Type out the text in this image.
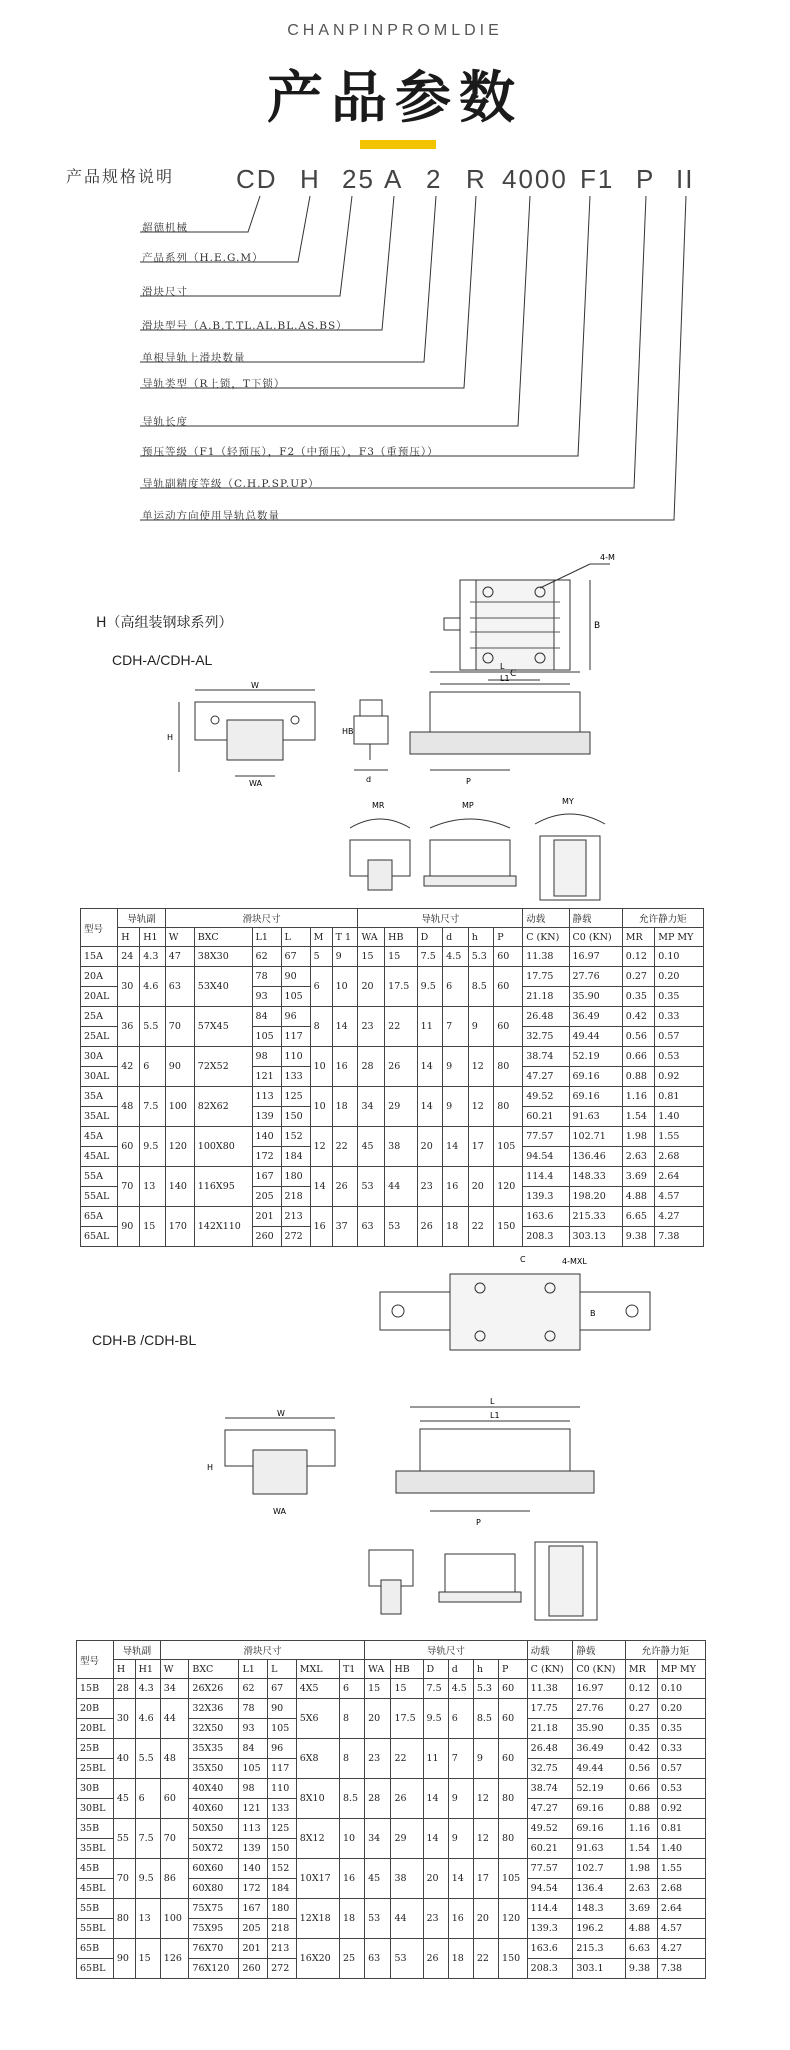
CHANPINPROMLDIE
产品参数
产品规格说明 CD H 25 A 2 R 4000 F1 P II
超德机械
产品系列（H.E.G.M）
滑块尺寸
滑块型号（A.B.T.TL.AL.BL.AS.BS）
单根导轨上滑块数量
导轨类型（R上锁，T下锁）
导轨长度
预压等级（F1（轻预压），F2（中预压），F3（重预压））
导轨副精度等级（C.H.P.SP.UP）
单运动方向使用导轨总数量
H（高组装钢球系列）
CDH-A/CDH-AL
4-M
B
C
W
H
WA
HB
d
L
L1
P
MR	MP	MY
型号	导轨副		滑块尺寸						导轨尺寸						动载	静载	允许静力矩	
	H	H1	W	BXC	L1	L	M	T 1	WA	HB	D	d	h	P	C (KN)	C0 (KN)	MR	MP MY
15A	24	4.3	47	38X30	62	67	5	9	15	15	7.5	4.5	5.3	60	11.38	16.97	0.12	0.10
20A	30	4.6	63	53X40	78	90	6	10	20	17.5	9.5	6	8.5	60	17.75	27.76	0.27	0.20
20AL					93	105									21.18	35.90	0.35	0.35
25A	36	5.5	70	57X45	84	96	8	14	23	22	11	7	9	60	26.48	36.49	0.42	0.33
25AL					105	117									32.75	49.44	0.56	0.57
30A	42	6	90	72X52	98	110	10	16	28	26	14	9	12	80	38.74	52.19	0.66	0.53
30AL					121	133									47.27	69.16	0.88	0.92
35A	48	7.5	100	82X62	113	125	10	18	34	29	14	9	12	80	49.52	69.16	1.16	0.81
35AL					139	150									60.21	91.63	1.54	1.40
45A	60	9.5	120	100X80	140	152	12	22	45	38	20	14	17	105	77.57	102.71	1.98	1.55
45AL					172	184									94.54	136.46	2.63	2.68
55A	70	13	140	116X95	167	180	14	26	53	44	23	16	20	120	114.4	148.33	3.69	2.64
55AL					205	218									139.3	198.20	4.88	4.57
65A	90	15	170	142X110	201	213	16	37	63	53	26	18	22	150	163.6	215.33	6.65	4.27
65AL					260	272									208.3	303.13	9.38	7.38
CDH-B /CDH-BL
C	4-MXL
B
W
H
WA
L
L1
P
型号	导轨副		滑块尺寸						导轨尺寸						动载	静载	允许静力矩	
	H	H1	W	BXC	L1	L	MXL	T1	WA	HB	D	d	h	P	C (KN)	C0 (KN)	MR	MP MY
15B	28	4.3	34	26X26	62	67	4X5	6	15	15	7.5	4.5	5.3	60	11.38	16.97	0.12	0.10
20B	30	4.6	44	32X36	78	90	5X6	8	20	17.5	9.5	6	8.5	60	17.75	27.76	0.27	0.20
20BL				32X50	93	105									21.18	35.90	0.35	0.35
25B	40	5.5	48	35X35	84	96	6X8	8	23	22	11	7	9	60	26.48	36.49	0.42	0.33
25BL				35X50	105	117									32.75	49.44	0.56	0.57
30B	45	6	60	40X40	98	110	8X10	8.5	28	26	14	9	12	80	38.74	52.19	0.66	0.53
30BL				40X60	121	133									47.27	69.16	0.88	0.92
35B	55	7.5	70	50X50	113	125	8X12	10	34	29	14	9	12	80	49.52	69.16	1.16	0.81
35BL				50X72	139	150									60.21	91.63	1.54	1.40
45B	70	9.5	86	60X60	140	152	10X17	16	45	38	20	14	17	105	77.57	102.7	1.98	1.55
45BL				60X80	172	184									94.54	136.4	2.63	2.68
55B	80	13	100	75X75	167	180	12X18	18	53	44	23	16	20	120	114.4	148.3	3.69	2.64
55BL				75X95	205	218									139.3	196.2	4.88	4.57
65B	90	15	126	76X70	201	213	16X20	25	63	53	26	18	22	150	163.6	215.3	6.63	4.27
65BL				76X120	260	272									208.3	303.1	9.38	7.38
